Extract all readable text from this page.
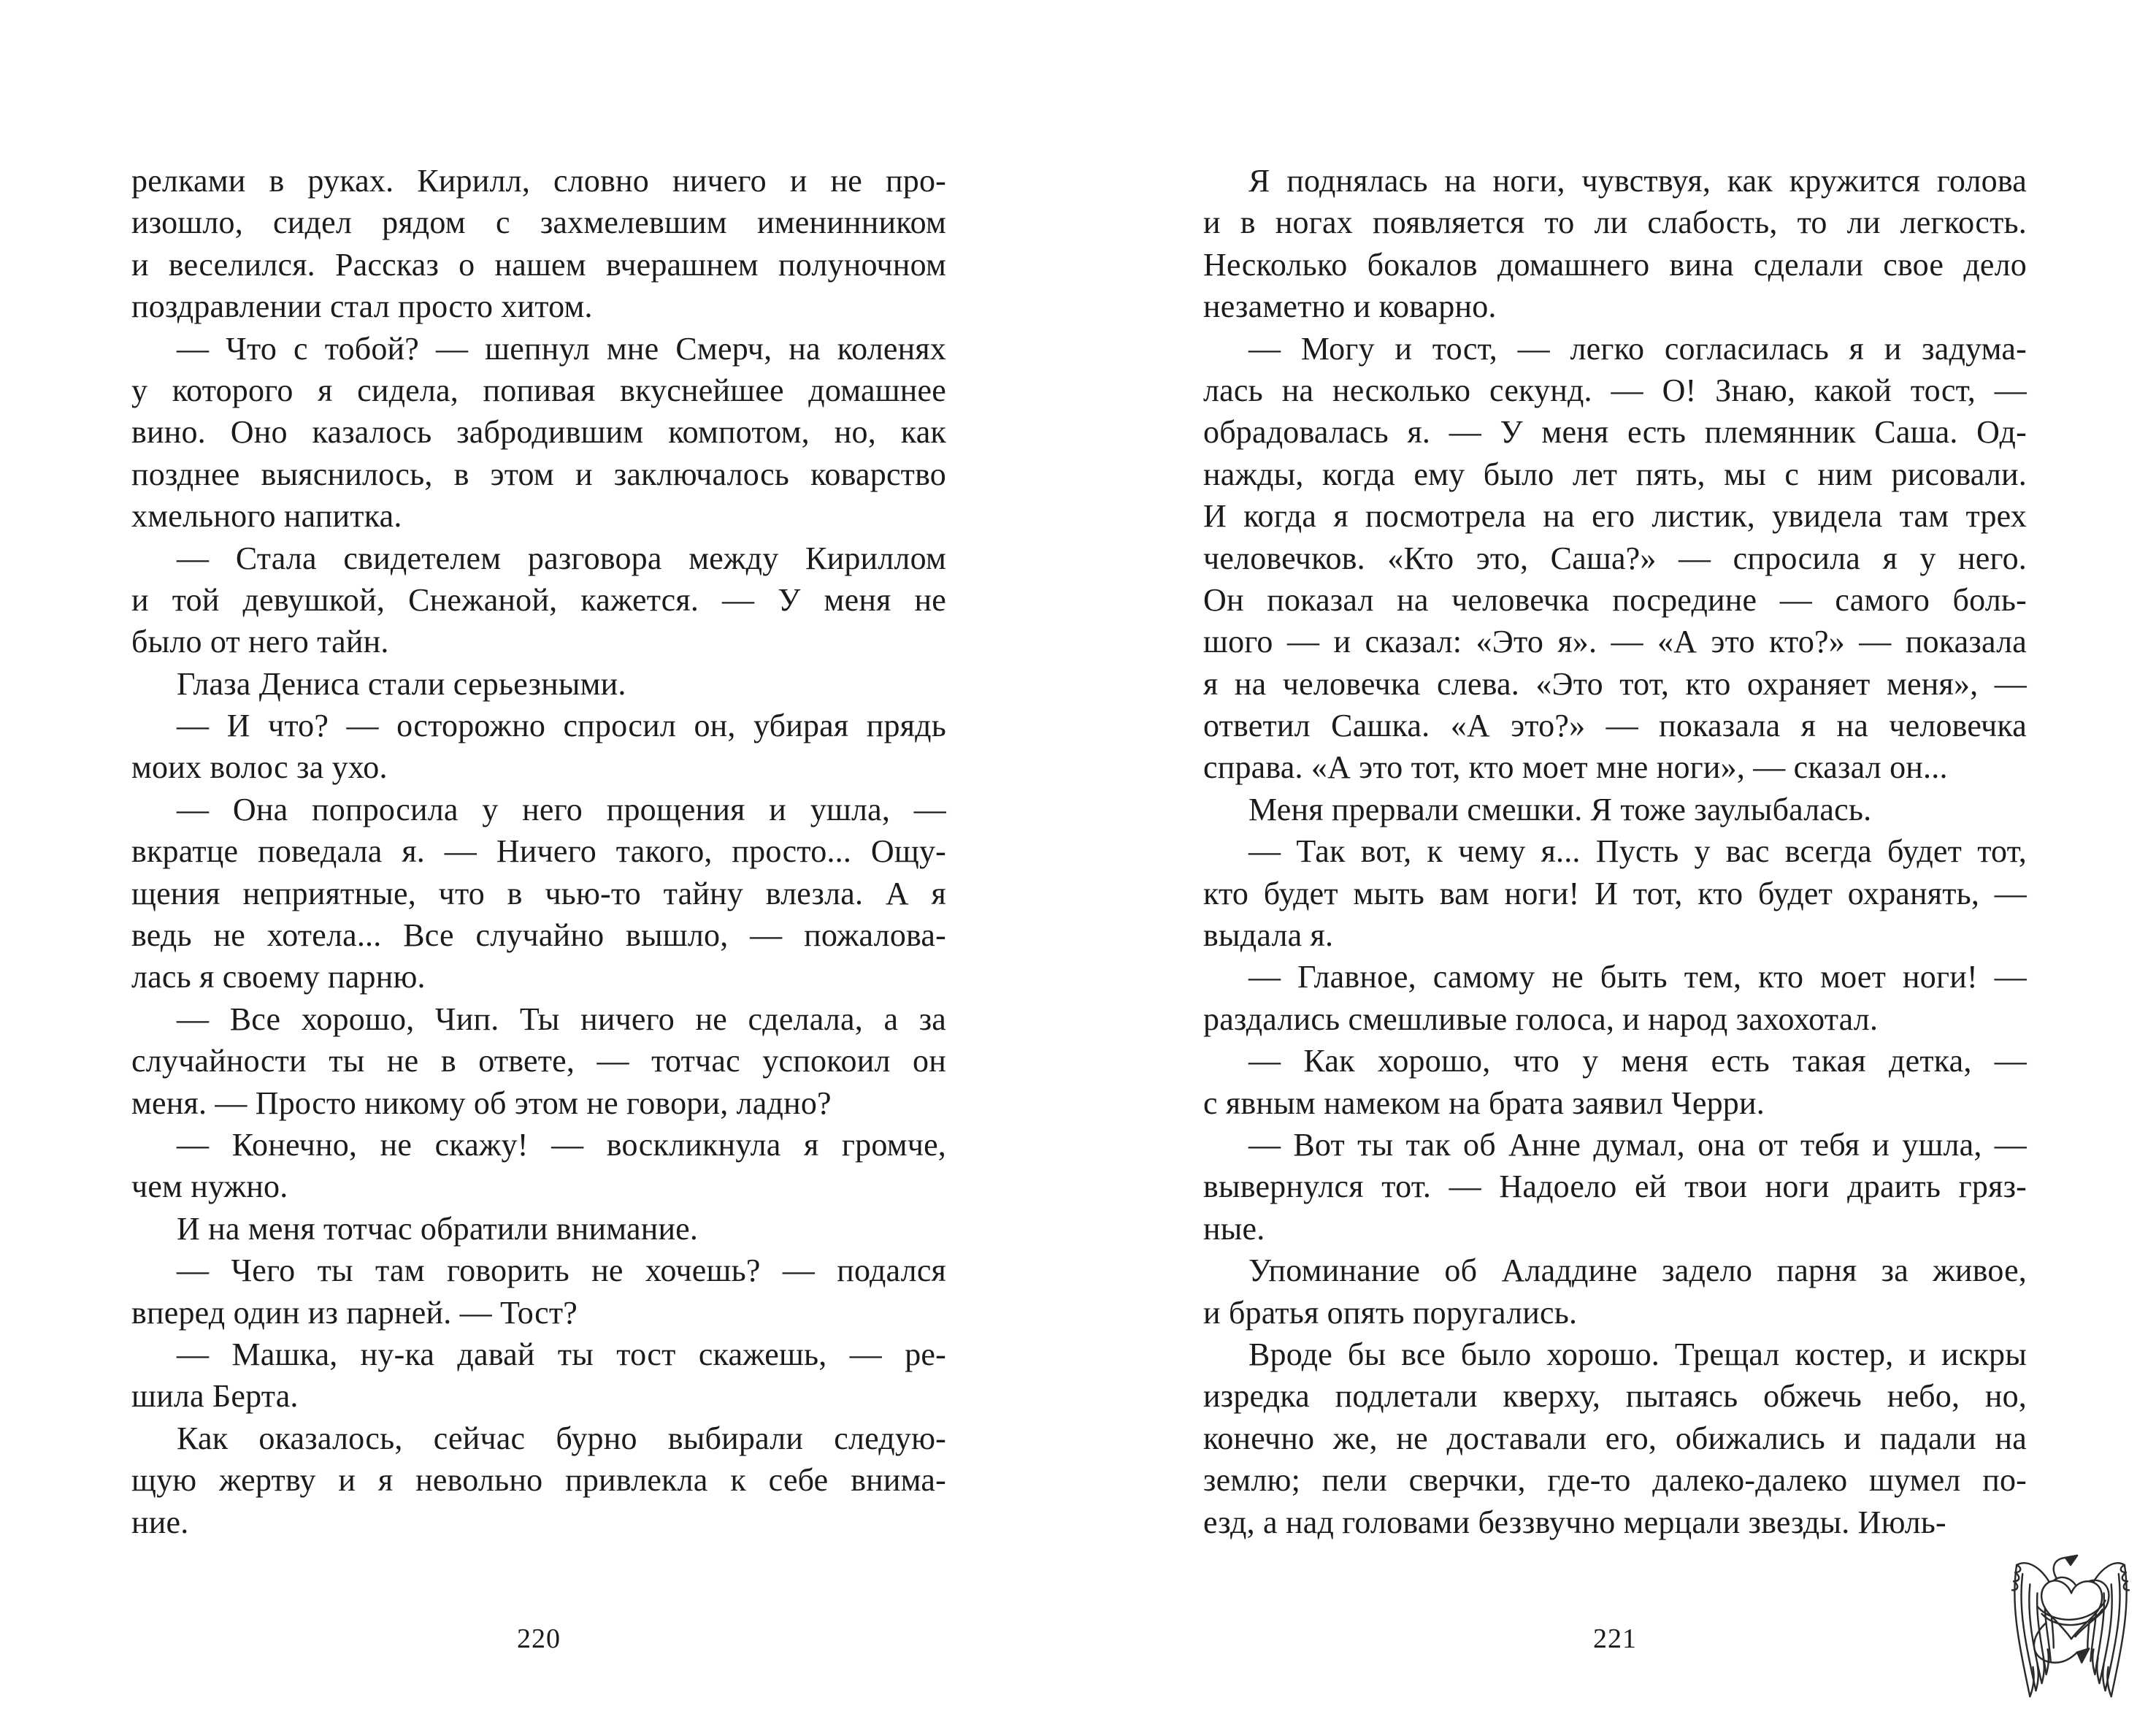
релками в руках. Кирилл, словно ничего и не про-
изошло, сидел рядом с захмелевшим именинником
и веселился. Рассказ о нашем вчерашнем полуночном
поздравлении стал просто хитом.
— Что с тобой? — шепнул мне Смерч, на коленях
у которого я сидела, попивая вкуснейшее домашнее
вино. Оно казалось забродившим компотом, но, как
позднее выяснилось, в этом и заключалось коварство
хмельного напитка.
— Стала свидетелем разговора между Кириллом
и той девушкой, Снежаной, кажется. — У меня не
было от него тайн.
Глаза Дениса стали серьезными.
— И что? — осторожно спросил он, убирая прядь
моих волос за ухо.
— Она попросила у него прощения и ушла, —
вкратце поведала я. — Ничего такого, просто... Ощу-
щения неприятные, что в чью-то тайну влезла. А я
ведь не хотела... Все случайно вышло, — пожалова-
лась я своему парню.
— Все хорошо, Чип. Ты ничего не сделала, а за
случайности ты не в ответе, — тотчас успокоил он
меня. — Просто никому об этом не говори, ладно?
— Конечно, не скажу! — воскликнула я громче,
чем нужно.
И на меня тотчас обратили внимание.
— Чего ты там говорить не хочешь? — подался
вперед один из парней. — Тост?
— Машка, ну-ка давай ты тост скажешь, — ре-
шила Берта.
Как оказалось, сейчас бурно выбирали следую-
щую жертву и я невольно привлекла к себе внима-
ние.
Я поднялась на ноги, чувствуя, как кружится голова
и в ногах появляется то ли слабость, то ли легкость.
Несколько бокалов домашнего вина сделали свое дело
незаметно и коварно.
— Могу и тост, — легко согласилась я и задума-
лась на несколько секунд. — О! Знаю, какой тост, —
обрадовалась я. — У меня есть племянник Саша. Од-
нажды, когда ему было лет пять, мы с ним рисовали.
И когда я посмотрела на его листик, увидела там трех
человечков. «Кто это, Саша?» — спросила я у него.
Он показал на человечка посредине — самого боль-
шого — и сказал: «Это я». — «А это кто?» — показала
я на человечка слева. «Это тот, кто охраняет меня», —
ответил Сашка. «А это?» — показала я на человечка
справа. «А это тот, кто моет мне ноги», — сказал он...
Меня прервали смешки. Я тоже заулыбалась.
— Так вот, к чему я... Пусть у вас всегда будет тот,
кто будет мыть вам ноги! И тот, кто будет охранять, —
выдала я.
— Главное, самому не быть тем, кто моет ноги! —
раздались смешливые голоса, и народ захохотал.
— Как хорошо, что у меня есть такая детка, —
с явным намеком на брата заявил Черри.
— Вот ты так об Анне думал, она от тебя и ушла, —
вывернулся тот. — Надоело ей твои ноги драить гряз-
ные.
Упоминание об Аладдине задело парня за живое,
и братья опять поругались.
Вроде бы все было хорошо. Трещал костер, и искры
изредка подлетали кверху, пытаясь обжечь небо, но,
конечно же, не доставали его, обижались и падали на
землю; пели сверчки, где-то далеко-далеко шумел по-
езд, а над головами беззвучно мерцали звезды. Июль-
220	221
